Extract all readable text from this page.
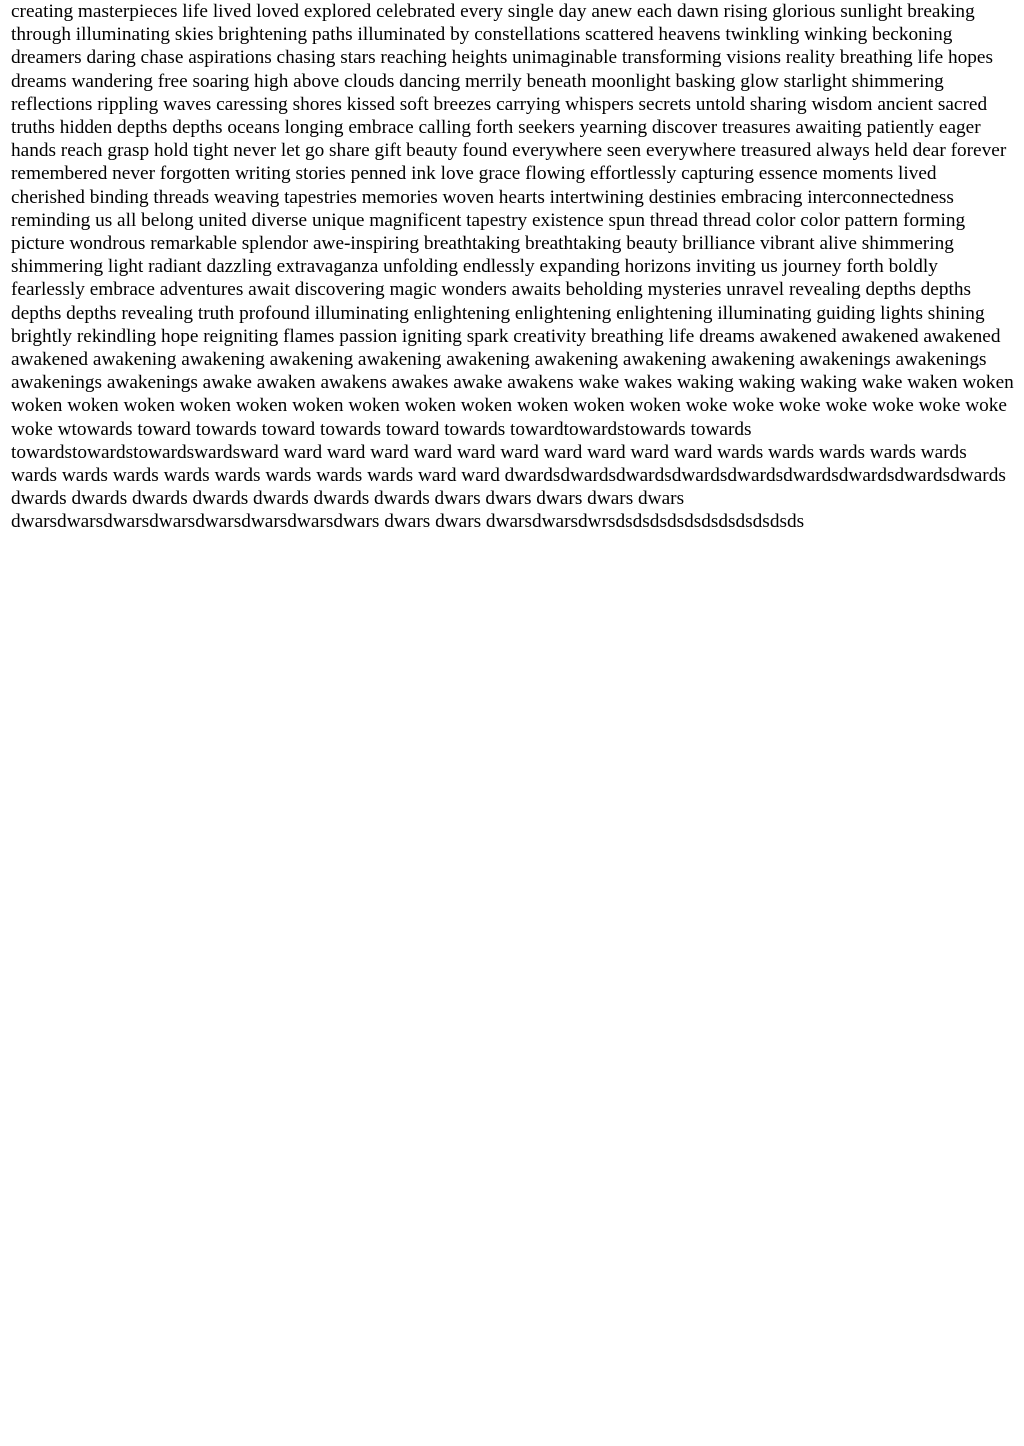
creating masterpieces life lived loved explored celebrated every single day anew each dawn rising glorious sunlight breaking through illuminating skies brightening paths illuminated by constellations scattered heavens twinkling winking beckoning dreamers daring chase aspirations chasing stars reaching heights unimaginable transforming visions reality breathing life hopes dreams wandering free soaring high above clouds dancing merrily beneath moonlight basking glow starlight shimmering reflections rippling waves caressing shores kissed soft breezes carrying whispers secrets untold sharing wisdom ancient sacred truths hidden depths depths oceans longing embrace calling forth seekers yearning discover treasures awaiting patiently eager hands reach grasp hold tight never let go share gift beauty found everywhere seen everywhere treasured always held dear forever remembered never forgotten writing stories penned ink love grace flowing effortlessly capturing essence moments lived cherished binding threads weaving tapestries memories woven hearts intertwining destinies embracing interconnectedness reminding us all belong united diverse unique magnificent tapestry existence spun thread thread color color pattern forming picture wondrous remarkable splendor awe-inspiring breathtaking breathtaking beauty brilliance vibrant alive shimmering shimmering light radiant dazzling extravaganza unfolding endlessly expanding horizons inviting us journey forth boldly fearlessly embrace adventures await discovering magic wonders awaits beholding mysteries unravel revealing depths depths depths depths revealing truth profound illuminating enlightening enlightening enlightening illuminating guiding lights shining brightly rekindling hope reigniting flames passion igniting spark creativity breathing life dreams awakened awakened awakened awakened awakening awakening awakening awakening awakening awakening awakening awakening awakenings awakenings awakenings awakenings awake awaken awakens awakes awake awakens wake wakes waking waking waking wake waken woken woken woken woken woken woken woken woken woken woken woken woken woken woke woke woke woke woke woke woke woke wtowards toward towards toward towards toward towards towardtowardstowards towards towardstowardstowardswardsward ward ward ward ward ward ward ward ward ward ward wards wards wards wards wards wards wards wards wards wards wards wards wards ward ward dwardsdwardsdwardsdwardsdwardsdwardsdwardsdwardsdwards dwards dwards dwards dwards dwards dwards dwards dwars dwars dwars dwars dwars dwarsdwarsdwarsdwarsdwarsdwarsdwarsdwars dwars dwars dwarsdwarsdwrsdsdsdsdsdsdsdsdsdsdsds
